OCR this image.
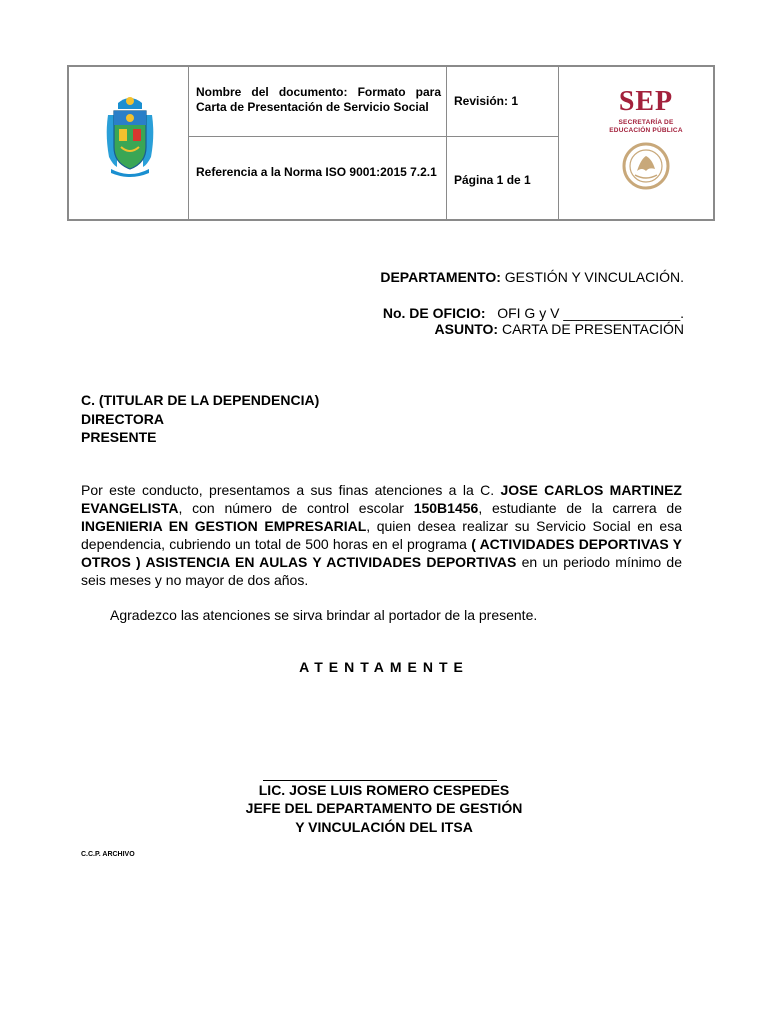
Nombre del documento: Formato para Carta de Presentación de Servicio Social	Revisión: 1
Referencia a la Norma ISO 9001:2015 7.2.1
Página 1 de 1
SEP
SECRETARÍA DE
EDUCACIÓN PÚBLICA
DEPARTAMENTO: GESTIÓN Y VINCULACIÓN.

No. DE OFICIO:   OFI G y V _______________.

ASUNTO: CARTA DE PRESENTACIÓN
C. (TITULAR DE LA DEPENDENCIA)
DIRECTORA
PRESENTE
Por este conducto, presentamos a sus finas atenciones a la C. JOSE CARLOS MARTINEZ EVANGELISTA, con número de control escolar 150B1456, estudiante de la carrera de INGENIERIA EN GESTION EMPRESARIAL, quien desea realizar su Servicio Social en esa dependencia, cubriendo un total de 500 horas en el programa ( ACTIVIDADES DEPORTIVAS Y OTROS ) ASISTENCIA EN AULAS Y ACTIVIDADES DEPORTIVAS en un periodo mínimo de seis meses y no mayor de dos años.
Agradezco las atenciones se sirva brindar al portador de la presente.
ATENTAMENTE
LIC. JOSE LUIS ROMERO CESPEDES
JEFE DEL DEPARTAMENTO DE GESTIÓN
Y VINCULACIÓN DEL ITSA
C.C.P. ARCHIVO
